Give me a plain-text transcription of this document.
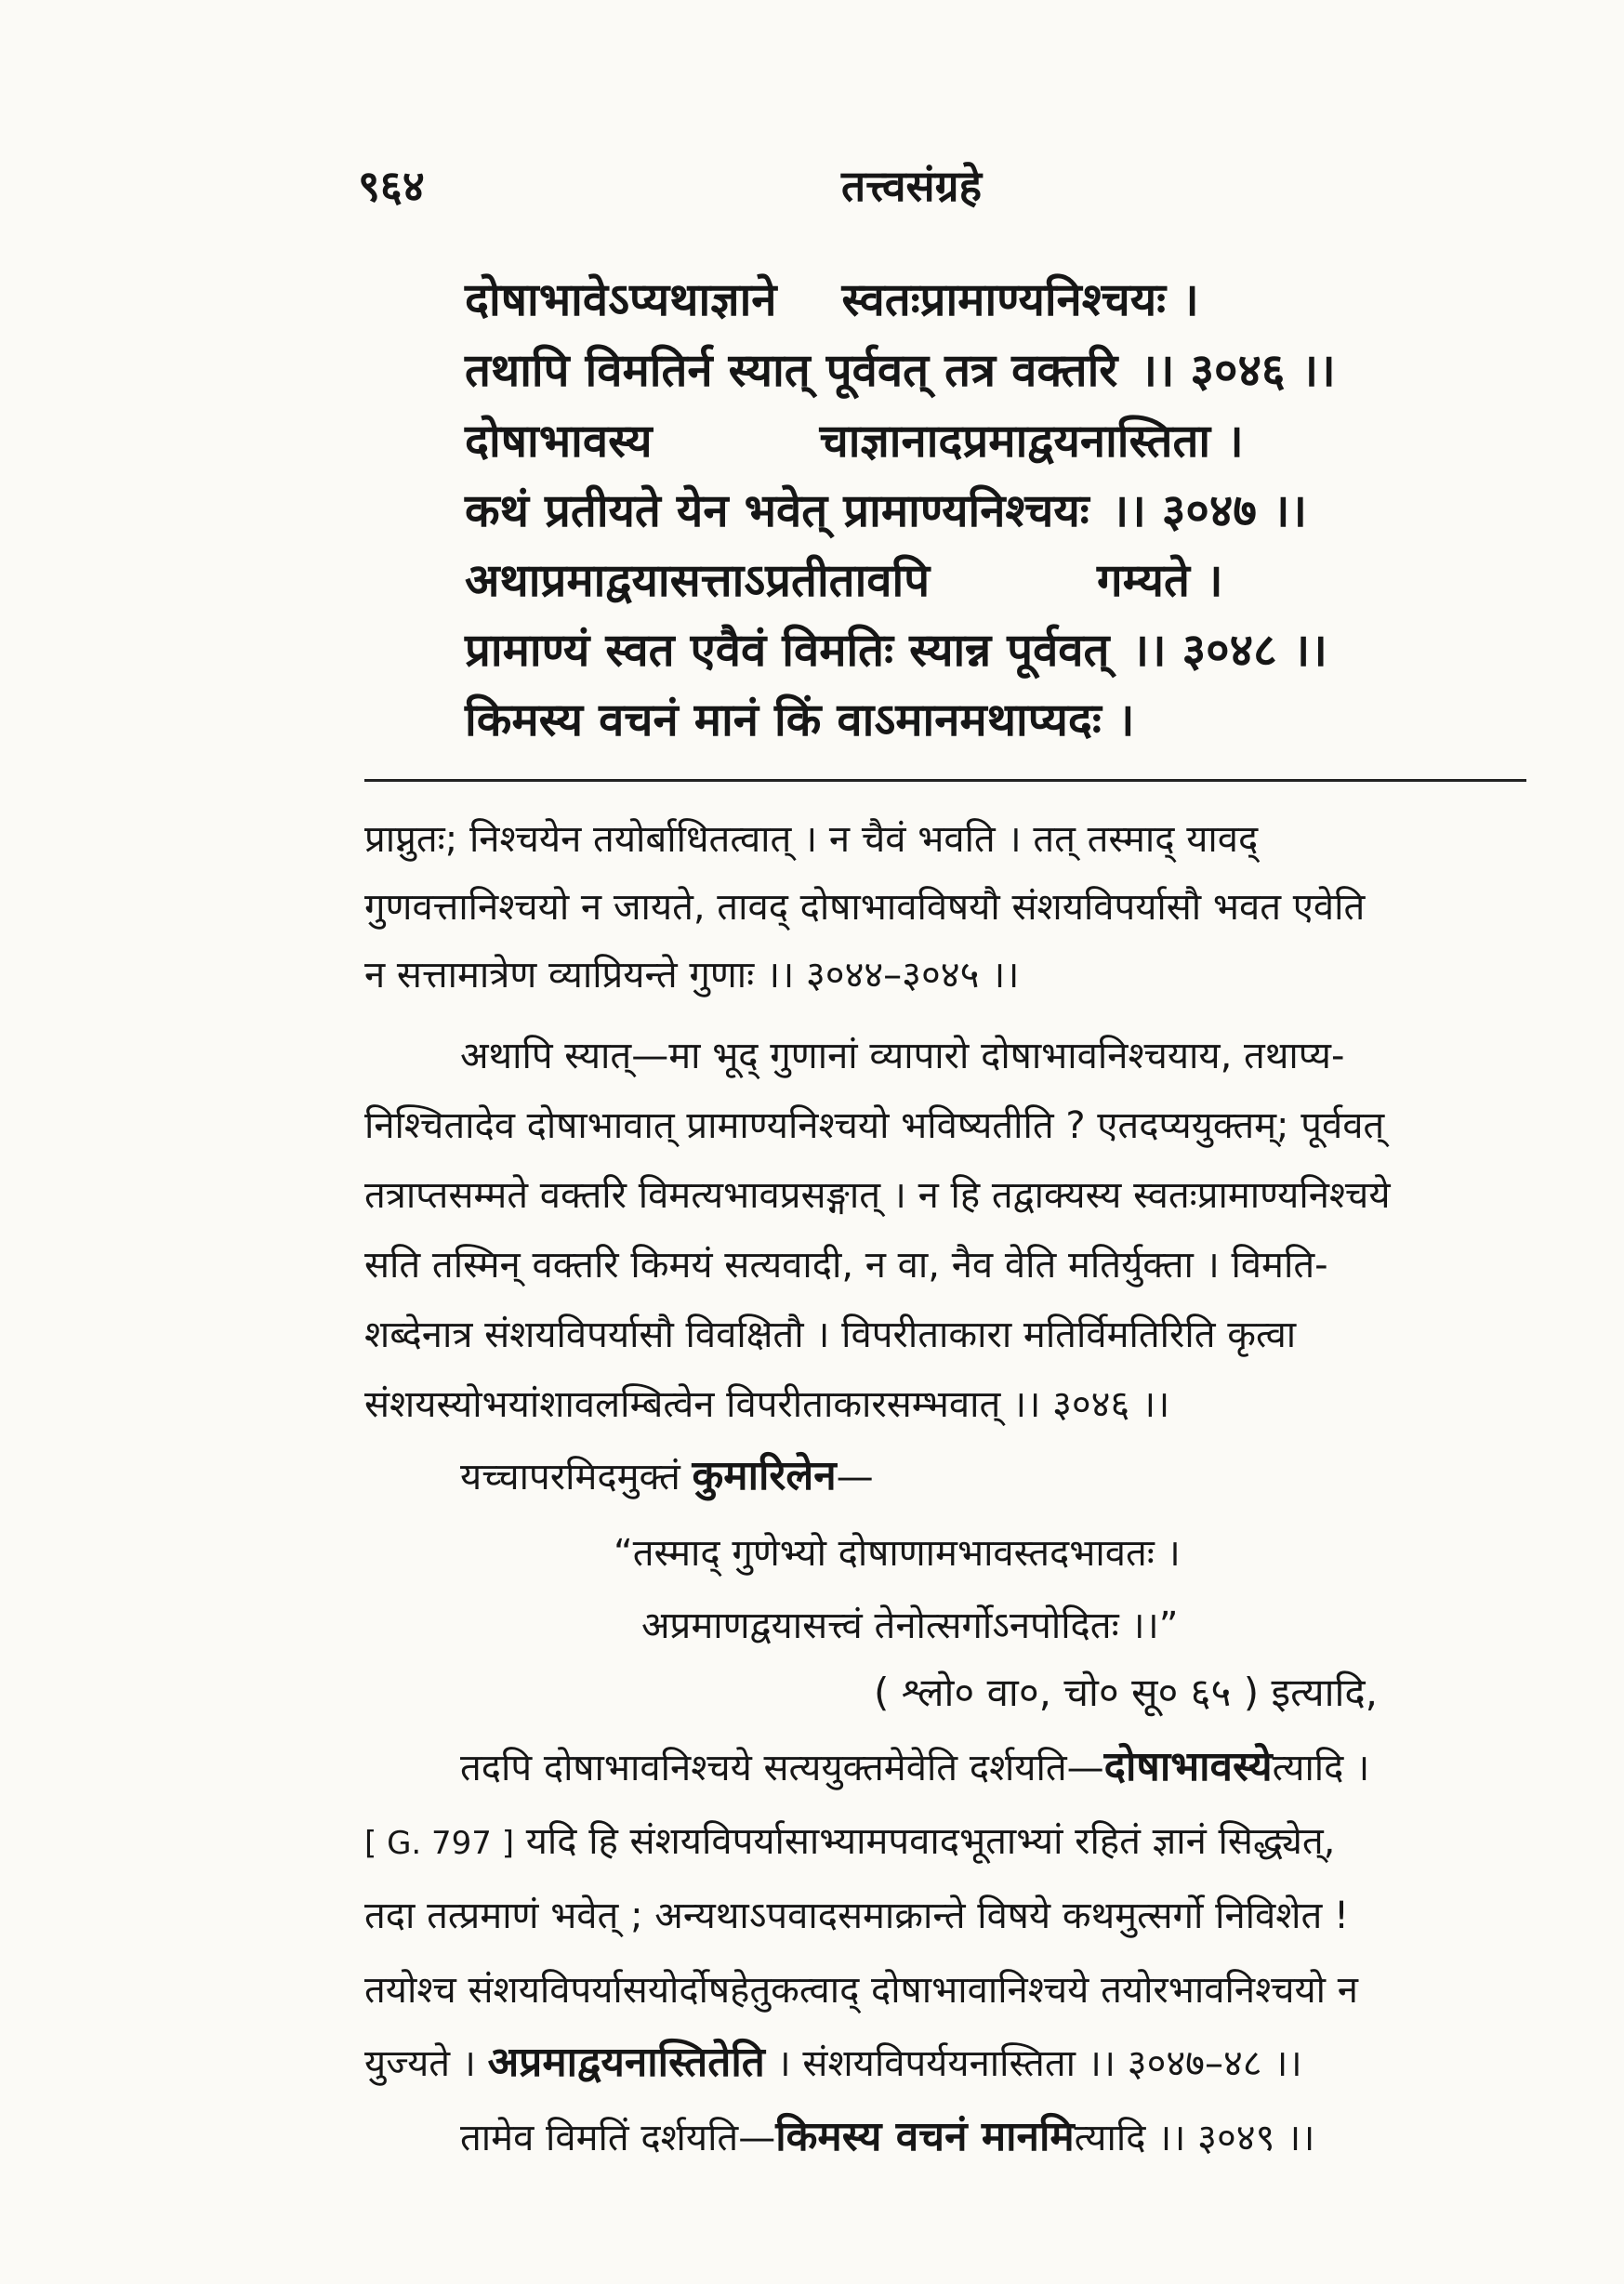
९६४	तत्त्वसंग्रहे
दोषाभावेऽप्यथाज्ञाने स्वतःप्रामाण्यनिश्चयः ।
तथापि विमतिर्न स्यात् पूर्ववत् तत्र वक्तरि ।। ३०४६ ।।
दोषाभावस्य	चाज्ञानादप्रमाद्वयनास्तिता ।
कथं प्रतीयते येन भवेत् प्रामाण्यनिश्चयः ।। ३०४७ ।।
अथाप्रमाद्वयासत्ताऽप्रतीतावपि	गम्यते ।
प्रामाण्यं स्वत एवैवं विमतिः स्यान्न पूर्ववत् ।। ३०४८ ।।
किमस्य वचनं मानं किं वाऽमानमथाप्यदः ।
प्राप्नुतः; निश्चयेन तयोर्बाधितत्वात् । न चैवं भवति । तत् तस्माद् यावद्
गुणवत्तानिश्चयो न जायते, तावद् दोषाभावविषयौ संशयविपर्यासौ भवत एवेति
न सत्तामात्रेण व्याप्रियन्ते गुणाः ।। ३०४४–३०४५ ।।
अथापि स्यात्—मा भूद् गुणानां व्यापारो दोषाभावनिश्चयाय, तथाप्य-
निश्चितादेव दोषाभावात् प्रामाण्यनिश्चयो भविष्यतीति ? एतदप्ययुक्तम्; पूर्ववत्
तत्राप्तसम्मते वक्तरि विमत्यभावप्रसङ्गात् । न हि तद्वाक्यस्य स्वतःप्रामाण्यनिश्चये
सति तस्मिन् वक्तरि किमयं सत्यवादी, न वा, नैव वेति मतिर्युक्ता । विमति-
शब्देनात्र संशयविपर्यासौ विवक्षितौ । विपरीताकारा मतिर्विमतिरिति कृत्वा
संशयस्योभयांशावलम्बित्वेन विपरीताकारसम्भवात् ।। ३०४६ ।।
यच्चापरमिदमुक्तं कुमारिलेन—
“तस्माद् गुणेभ्यो दोषाणामभावस्तदभावतः ।
अप्रमाणद्वयासत्त्वं तेनोत्सर्गोऽनपोदितः ।।”
( श्लो० वा०, चो० सू० ६५ ) इत्यादि,
तदपि दोषाभावनिश्चये सत्ययुक्तमेवेति दर्शयति—दोषाभावस्येत्यादि ।
[ G. 797 ] यदि हि संशयविपर्यासाभ्यामपवादभूताभ्यां रहितं ज्ञानं सिद्ध्येत्,
तदा तत्प्रमाणं भवेत् ; अन्यथाऽपवादसमाक्रान्ते विषये कथमुत्सर्गो निविशेत !
तयोश्च संशयविपर्यासयोर्दोषहेतुकत्वाद् दोषाभावानिश्चये तयोरभावनिश्चयो न
युज्यते । अप्रमाद्वयनास्तितेति । संशयविपर्ययनास्तिता ।। ३०४७–४८ ।।
तामेव विमतिं दर्शयति—किमस्य वचनं मानमित्यादि ।। ३०४९ ।।
